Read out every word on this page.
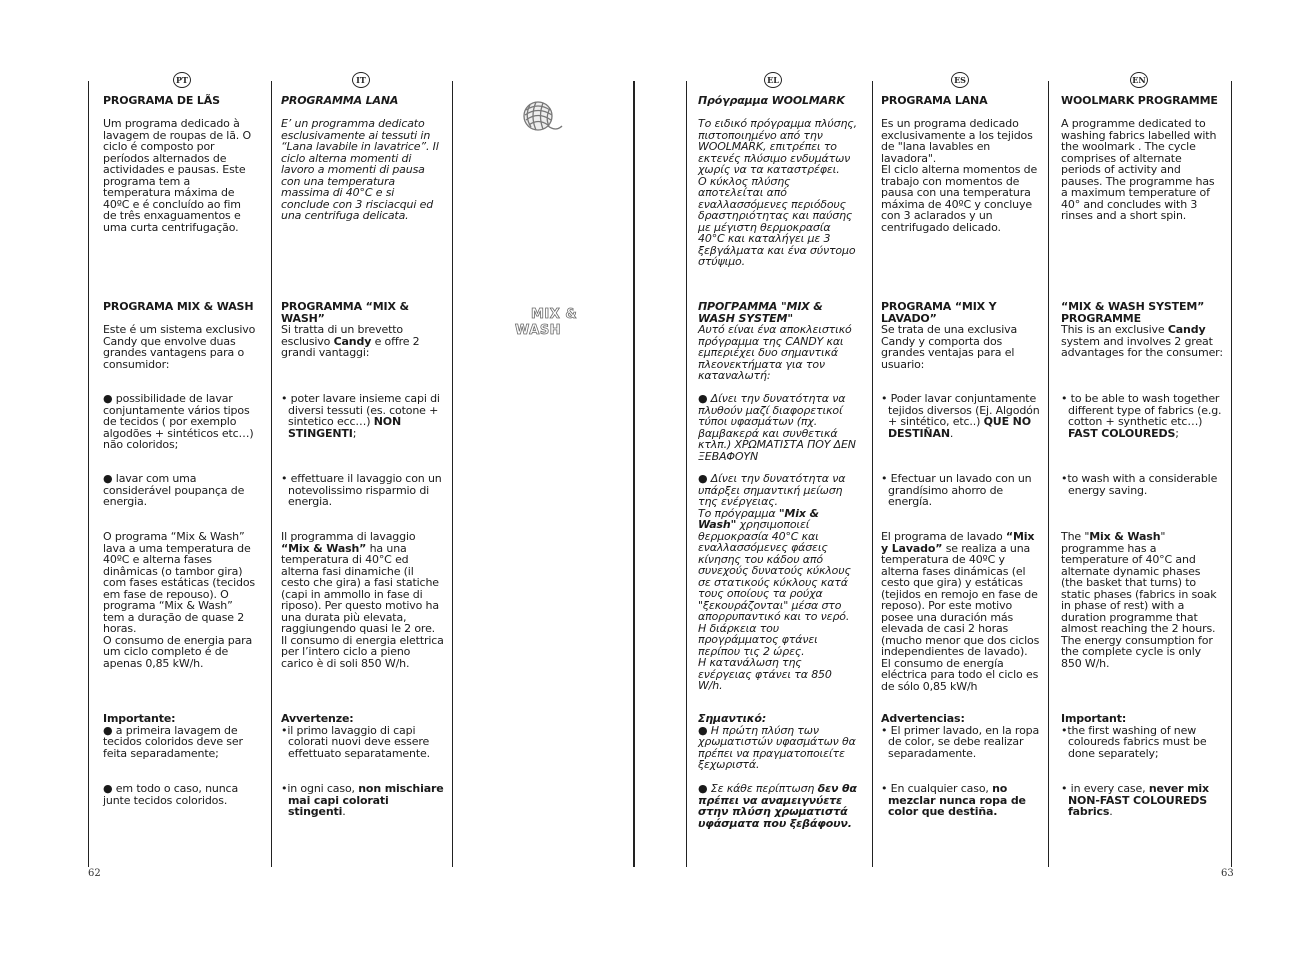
PT	IT	EL	ES	EN
MIX &
WASH
PROGRAMA DE LÃS
Um programa dedicado à lavagem de roupas de lã. O ciclo é composto por períodos alternados de actividades e pausas. Este programa tem a temperatura máxima de 40ºC e é concluído ao fim de três enxaguamentos e uma curta centrifugação.
PROGRAMA MIX & WASH
Este é um sistema exclusivo Candy que envolve duas grandes vantagens para o consumidor:
● possibilidade de lavar conjuntamente vários tipos de tecidos ( por exemplo algodões + sintéticos etc…) não coloridos;
● lavar com uma considerável poupança de energia.
O programa “Mix & Wash” lava a uma temperatura de 40ºC e alterna fases dinâmicas (o tambor gira) com fases estáticas (tecidos em fase de repouso). O programa “Mix & Wash” tem a duração de quase 2 horas.
O consumo de energia para um ciclo completo é de apenas 0,85 kW/h.
Importante:
● a primeira lavagem de tecidos coloridos deve ser feita separadamente;
● em todo o caso, nunca junte tecidos coloridos.
PROGRAMMA LANA
E’ un programma dedicato esclusivamente ai tessuti in “Lana lavabile in lavatrice”. Il ciclo alterna momenti di lavoro a momenti di pausa con una temperatura massima di 40°C e si conclude con 3 risciacqui ed una centrifuga delicata.
PROGRAMMA “MIX & WASH”
Si tratta di un brevetto esclusivo Candy e offre 2 grandi vantaggi:
• poter lavare insieme capi di diversi tessuti (es. cotone + sintetico ecc…) NON STINGENTI;
• effettuare il lavaggio con un notevolissimo risparmio di energia.
Il programma di lavaggio “Mix & Wash” ha una temperatura di 40°C ed alterna fasi dinamiche (il cesto che gira) a fasi statiche (capi in ammollo in fase di riposo). Per questo motivo ha una durata più elevata, raggiungendo quasi le 2 ore.
Il consumo di energia elettrica per l’intero ciclo a pieno carico è di soli 850 W/h.
Avvertenze:
•il primo lavaggio di capi colorati nuovi deve essere effettuato separatamente.
•in ogni caso, non mischiare mai capi colorati stingenti.
Πρόγραμμα WOOLMARK
Το ειδικό πρόγραμμα πλύσης, πιστοποιημένο από την WOOLMARK, επιτρέπει το εκτενές πλύσιμο ενδυμάτων χωρίς να τα καταστρέφει.
Ο κύκλος πλύσης αποτελείται από εναλλασσόμενες περιόδους δραστηριότητας και παύσης με μέγιστη θερμοκρασία 40°C και καταλήγει με 3 ξεβγάλματα και ένα σύντομο στύψιμο.
ΠΡΟΓΡΑΜΜΑ "MIX & WASH SYSTEM"
Αυτό είναι ένα αποκλειστικό πρόγραμμα της CANDY και εμπεριέχει δυο σημαντικά πλεονεκτήματα για τον καταναλωτή:
● Δίνει την δυνατότητα να πλυθούν μαζί διαφορετικοί τύποι υφασμάτων (πχ. βαμβακερά και συνθετικά κτλπ.) ΧΡΩΜΑΤΙΣΤΑ ΠΟΥ ΔΕΝ ΞΕΒΑΦΟΥΝ
● Δίνει την δυνατότητα να υπάρξει σημαντική μείωση της ενέργειας.
Το πρόγραμμα "Mix & Wash" χρησιμοποιεί θερμοκρασία 40°C και εναλλασσόμενες φάσεις κίνησης του κάδου από συνεχούς δυνατούς κύκλους σε στατικούς κύκλους κατά τους οποίους τα ρούχα "ξεκουράζονται" μέσα στο απορρυπαντικό και το νερό. Η διάρκεια του προγράμματος φτάνει περίπου τις 2 ώρες.
Η κατανάλωση της ενέργειας φτάνει τα 850 W/h.
Σημαντικό:
● Η πρώτη πλύση των χρωματιστών υφασμάτων θα πρέπει να πραγματοποιείτε ξεχωριστά.
● Σε κάθε περίπτωση δεν θα πρέπει να αναμειγνύετε στην πλύση χρωματιστά υφάσματα που ξεβάφουν.
PROGRAMA LANA
Es un programa dedicado exclusivamente a los tejidos de "lana lavables en lavadora".
El ciclo alterna momentos de trabajo con momentos de pausa con una temperatura máxima de 40ºC y concluye con 3 aclarados y un centrifugado delicado.
PROGRAMA “MIX Y LAVADO”
Se trata de una exclusiva Candy y comporta dos grandes ventajas para el usuario:
• Poder lavar conjuntamente tejidos diversos (Ej. Algodón + sintético, etc..) QUE NO DESTIÑAN.
• Efectuar un lavado con un grandísimo ahorro de energía.
El programa de lavado “Mix y Lavado” se realiza a una temperatura de 40ºC y alterna fases dinámicas (el cesto que gira) y estáticas (tejidos en remojo en fase de reposo). Por este motivo posee una duración más elevada de casi 2 horas (mucho menor que dos ciclos independientes de lavado).
El consumo de energía eléctrica para todo el ciclo es de sólo 0,85 kW/h
Advertencias:
• El primer lavado, en la ropa de color, se debe realizar separadamente.
• En cualquier caso, no mezclar nunca ropa de color que destiña.
WOOLMARK PROGRAMME
A programme dedicated to washing fabrics labelled with the woolmark . The cycle comprises of alternate periods of activity and pauses. The programme has a maximum temperature of 40° and concludes with 3 rinses and a short spin.
“MIX & WASH SYSTEM” PROGRAMME
This is an exclusive Candy system and involves 2 great advantages for the consumer:
• to be able to wash together different type of fabrics (e.g. cotton + synthetic etc…) FAST COLOUREDS;
•to wash with a considerable energy saving.
The "Mix & Wash" programme has a temperature of 40°C and alternate dynamic phases (the basket that turns) to static phases (fabrics in soak in phase of rest) with a duration programme that almost reaching the 2 hours.
The energy consumption for the complete cycle is only 850 W/h.
Important:
•the first washing of new coloureds fabrics must be done separately;
• in every case, never mix NON-FAST COLOUREDS fabrics.
62	63
